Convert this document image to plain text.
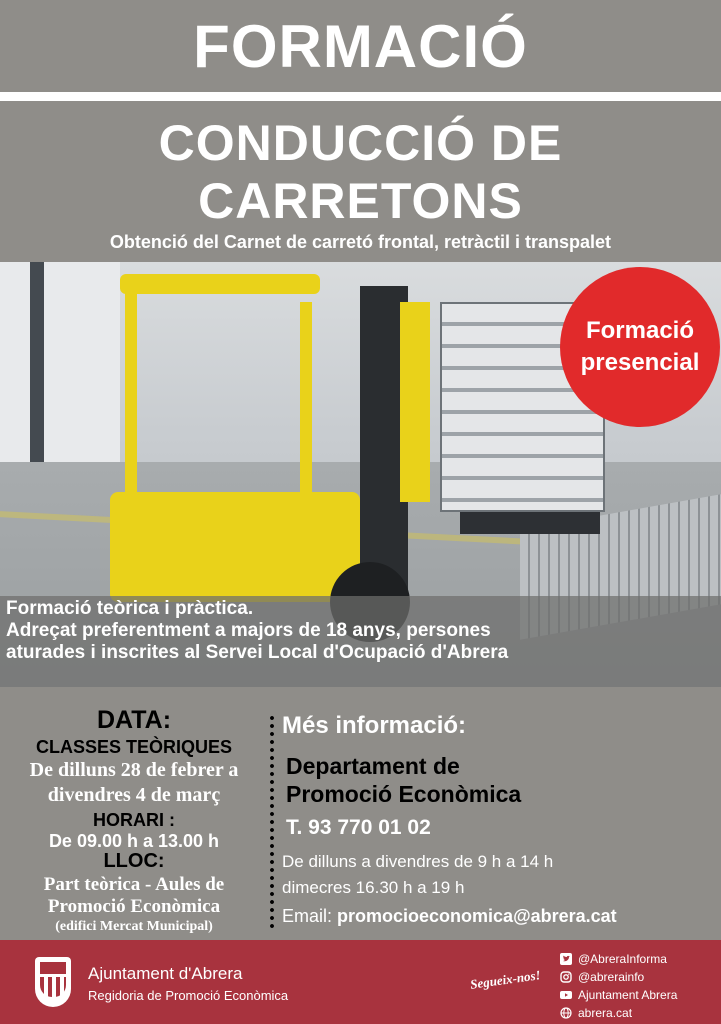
FORMACIÓ
CONDUCCIÓ DE
CARRETONS
Obtenció del Carnet de carretó frontal, retràctil i transpalet
Formació
presencial
Formació teòrica i pràctica.
Adreçat preferentment a majors de 18 anys, persones
aturades i inscrites al Servei Local d'Ocupació d'Abrera
DATA:
CLASSES TEÒRIQUES
De dilluns 28 de febrer a
divendres 4 de març
HORARI :
De 09.00 h a 13.00 h
LLOC:
Part teòrica - Aules de
Promoció Econòmica
(edifici Mercat Municipal)
Més informació:
Departament de
Promoció Econòmica
T. 93 770 01 02
De dilluns a divendres de 9 h a 14 h
dimecres 16.30 h a 19 h
Email: promocioeconomica@abrera.cat
Ajuntament d'Abrera
Regidoria de Promoció Econòmica
Segueix-nos!
@AbreraInforma
@abrerainfo
Ajuntament Abrera
abrera.cat
